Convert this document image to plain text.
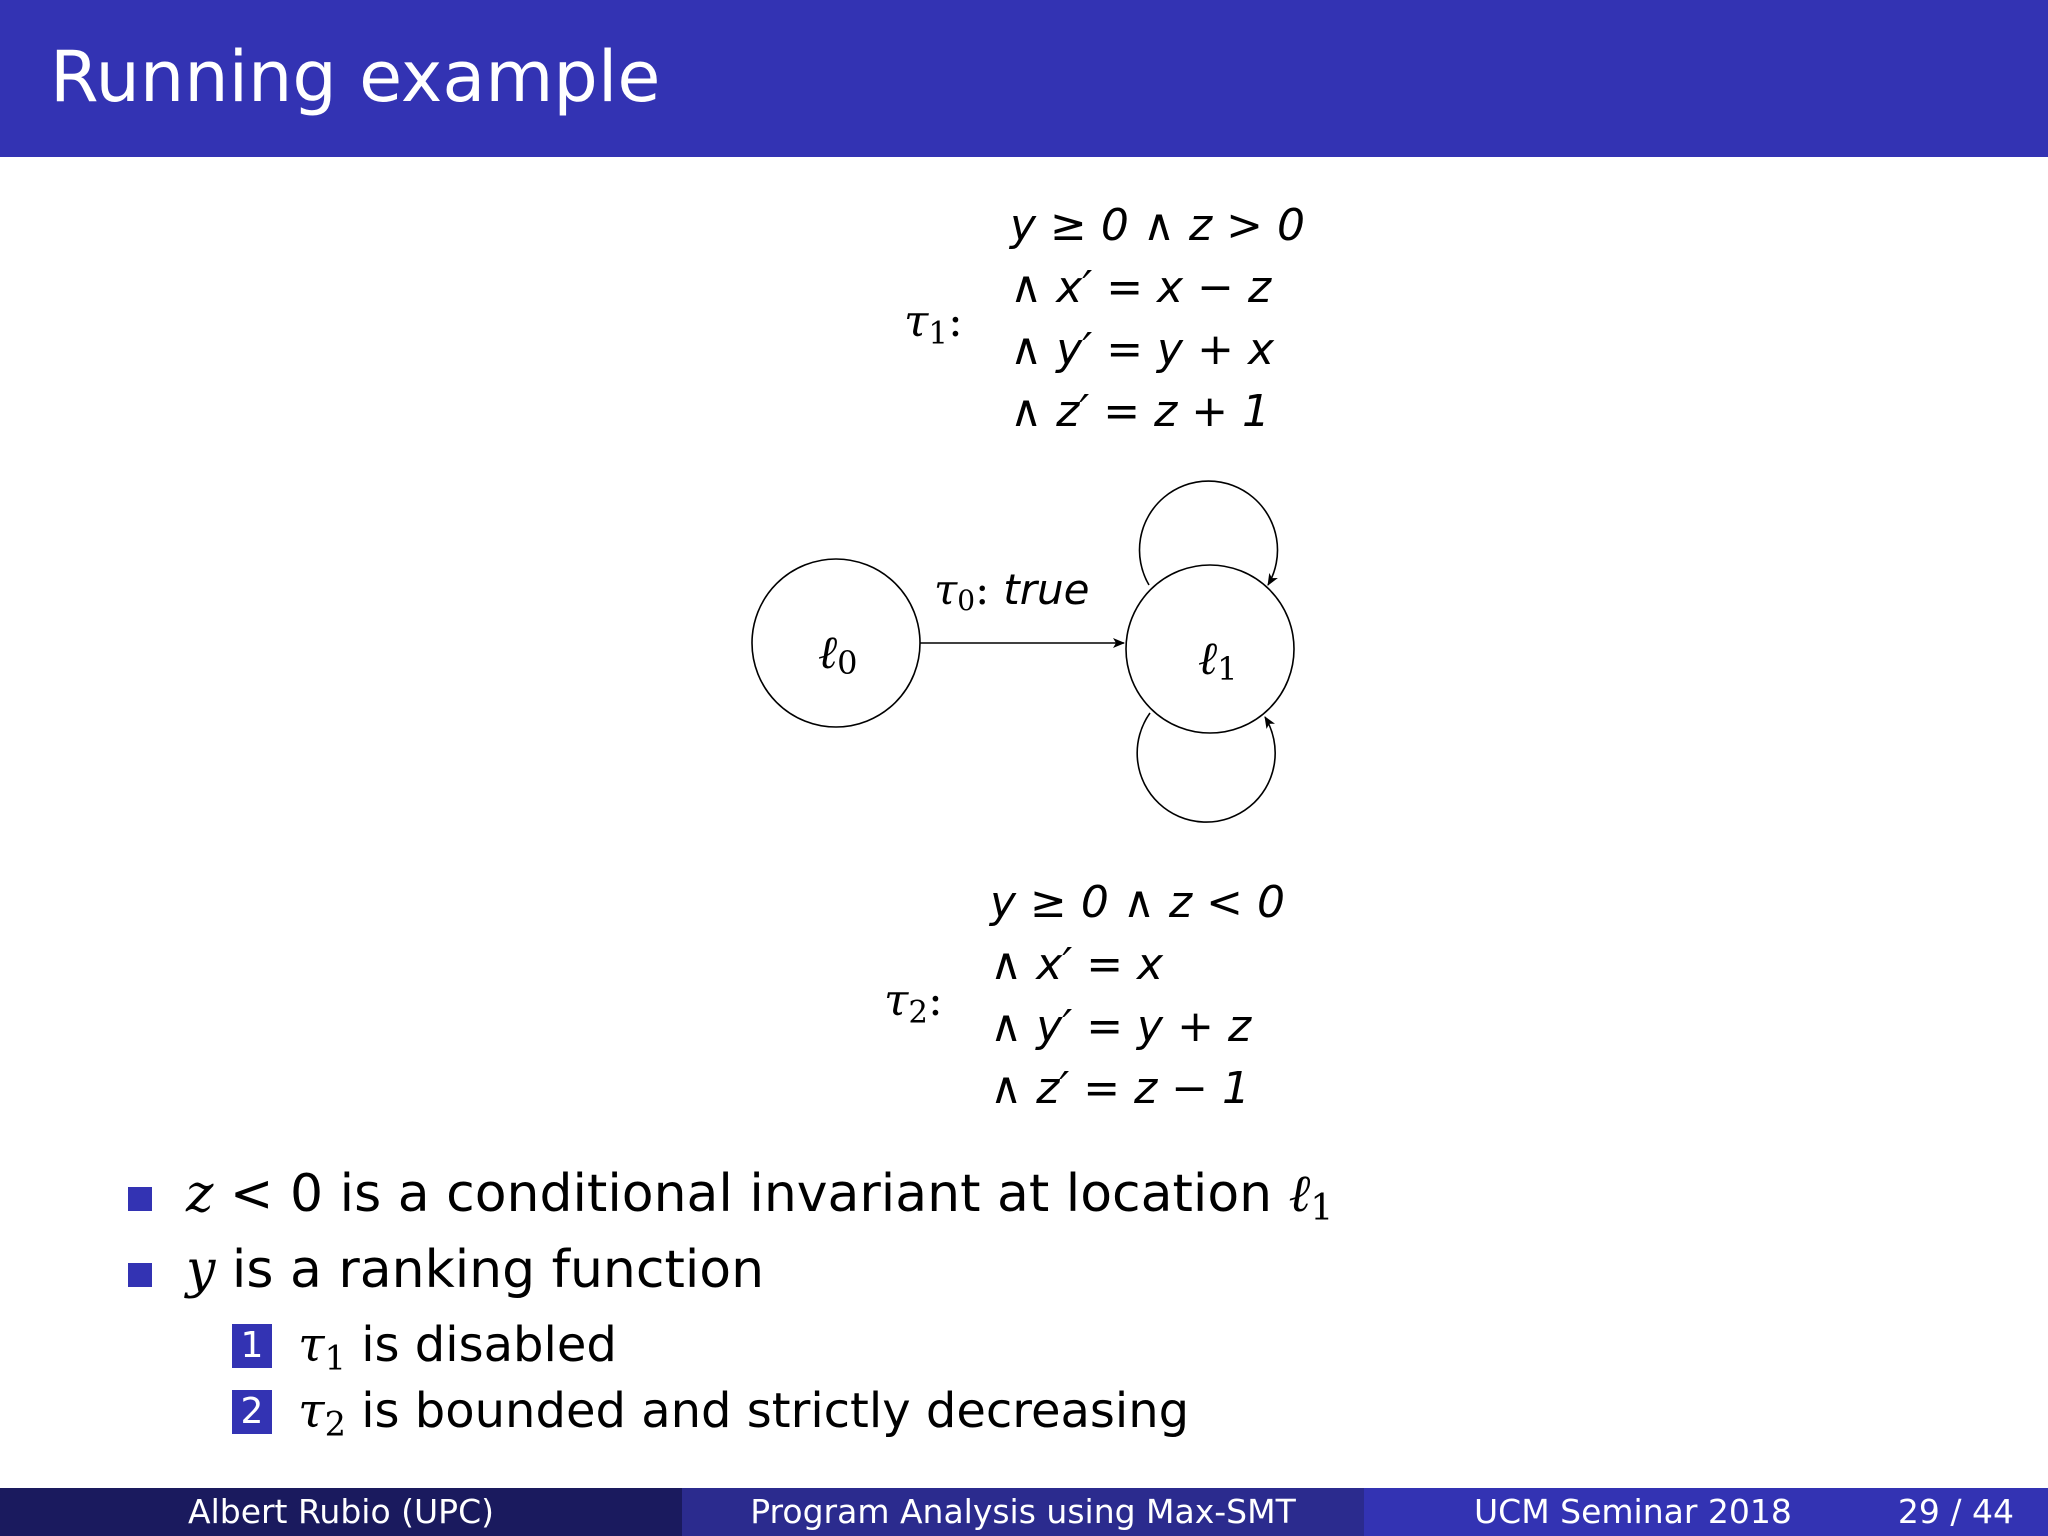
Running example
$\tau_1$:
y ≥ 0 ∧ z > 0
∧ x′ = x − z
∧ y′ = y + x
∧ z′ = z + 1
ℓ0	ℓ1
τ0: true
$\tau_2$:
y ≥ 0 ∧ z < 0
∧ x′ = x
∧ y′ = y + z
∧ z′ = z − 1
z < 0 is a conditional invariant at location ℓ$_1$
y is a ranking function
1 $\tau_1$ is disabled
2 $\tau_2$ is bounded and strictly decreasing
Albert Rubio (UPC)	Program Analysis using Max-SMT	UCM Seminar 2018	29 / 44
